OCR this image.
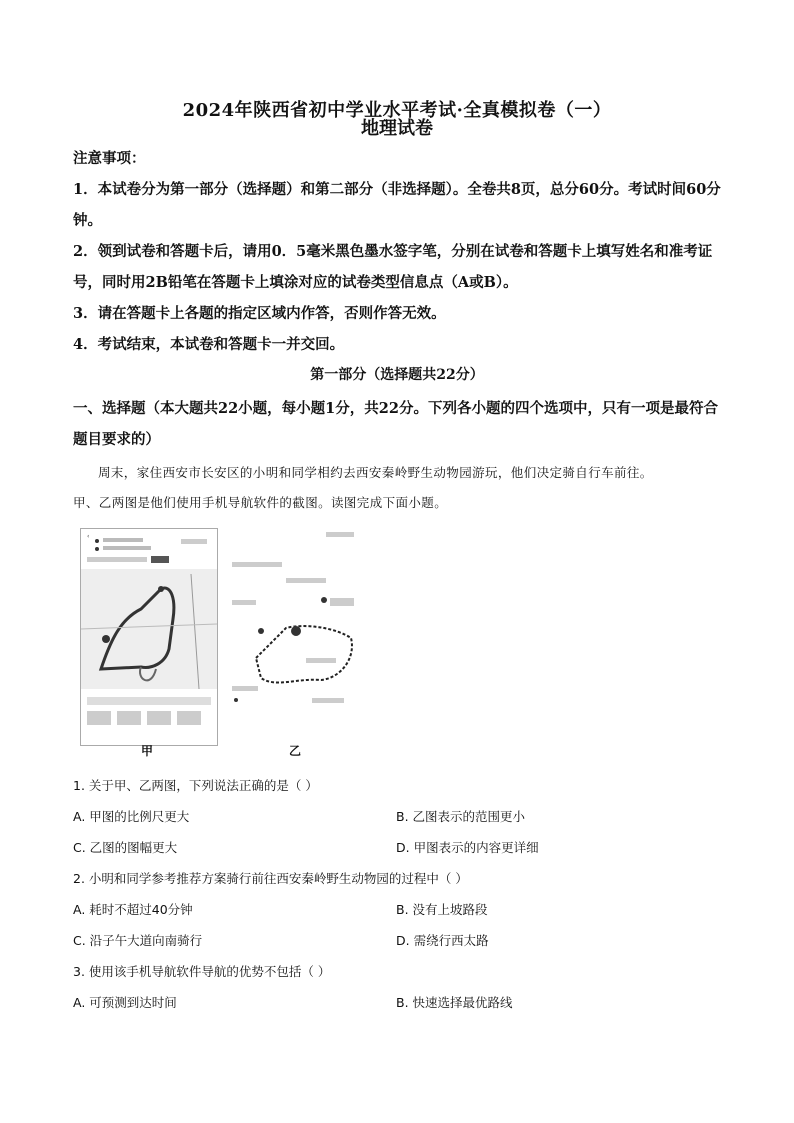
2024年陕西省初中学业水平考试·全真模拟卷（一）
地理试卷
注意事项：

1．本试卷分为第一部分（选择题）和第二部分（非选择题）。全卷共8页，总分60分。考试时间60分钟。

2．领到试卷和答题卡后，请用0．5毫米黑色墨水签字笔，分别在试卷和答题卡上填写姓名和准考证号，同时用2B铅笔在答题卡上填涂对应的试卷类型信息点（A或B）。

3．请在答题卡上各题的指定区域内作答，否则作答无效。

4．考试结束，本试卷和答题卡一并交回。

第一部分（选择题共22分）
一、选择题（本大题共22小题，每小题1分，共22分。下列各小题的四个选项中，只有一项是最符合题目要求的）

周末，家住西安市长安区的小明和同学相约去西安秦岭野生动物园游玩，他们决定骑自行车前往。

甲、乙两图是他们使用手机导航软件的截图。读图完成下面小题。

‹
甲	乙
1. 关于甲、乙两图，下列说法正确的是（ ）
A. 甲图的比例尺更大	B. 乙图表示的范围更小
C. 乙图的图幅更大	D. 甲图表示的内容更详细
2. 小明和同学参考推荐方案骑行前往西安秦岭野生动物园的过程中（ ）
A. 耗时不超过40分钟	B. 没有上坡路段
C. 沿子午大道向南骑行	D. 需绕行西太路
3. 使用该手机导航软件导航的优势不包括（ ）
A. 可预测到达时间	B. 快速选择最优路线
